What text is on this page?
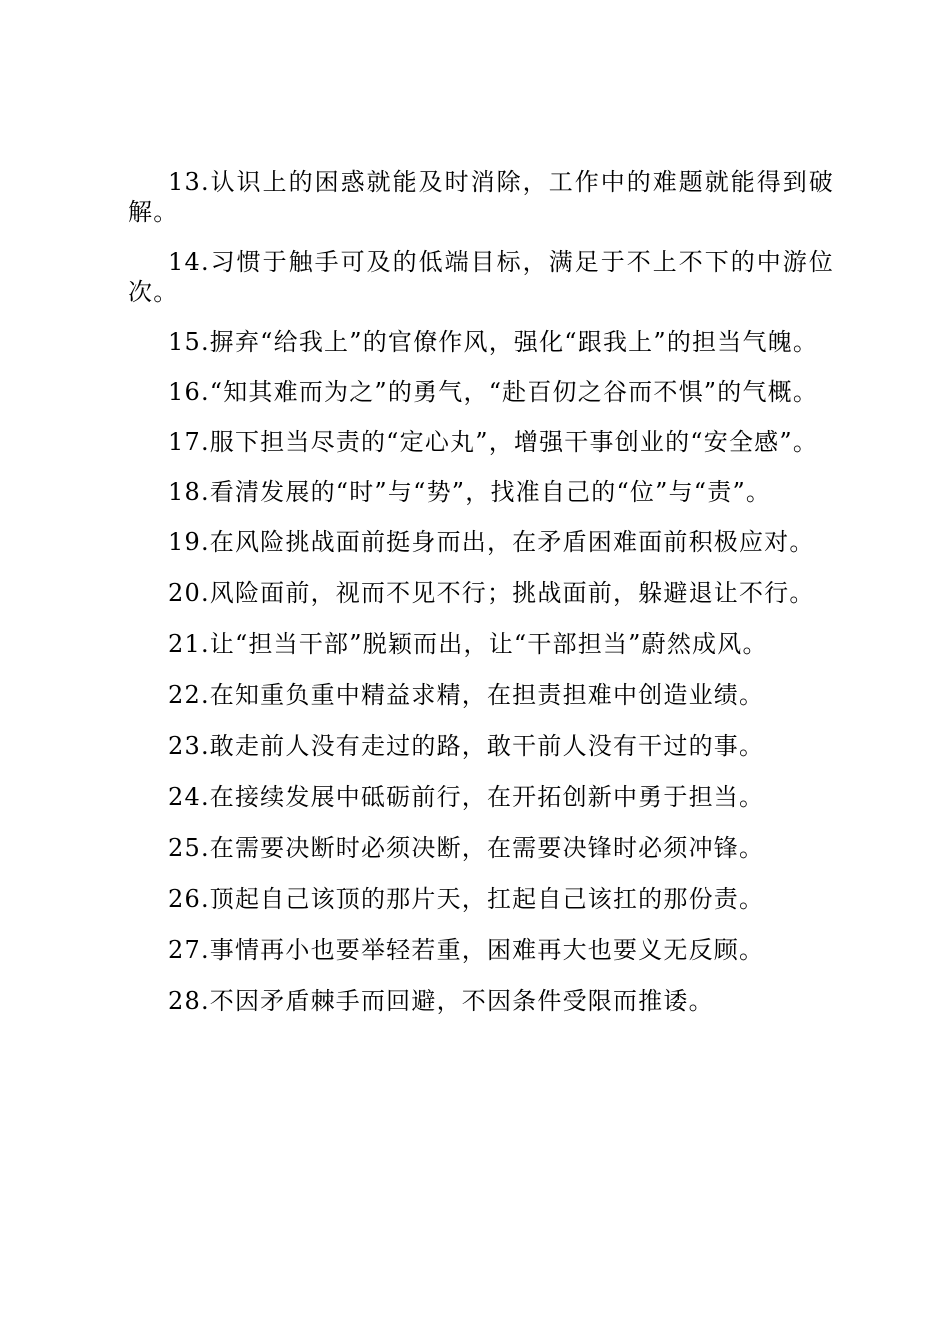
13.认识上的困惑就能及时消除，工作中的难题就能得到破解。

14.习惯于触手可及的低端目标，满足于不上不下的中游位次。

15.摒弃“给我上”的官僚作风，强化“跟我上”的担当气魄。

16.“知其难而为之”的勇气，“赴百仞之谷而不惧”的气概。

17.服下担当尽责的“定心丸”，增强干事创业的“安全感”。

18.看清发展的“时”与“势”，找准自己的“位”与“责”。

19.在风险挑战面前挺身而出，在矛盾困难面前积极应对。

20.风险面前，视而不见不行；挑战面前，躲避退让不行。

21.让“担当干部”脱颖而出，让“干部担当”蔚然成风。

22.在知重负重中精益求精，在担责担难中创造业绩。

23.敢走前人没有走过的路，敢干前人没有干过的事。

24.在接续发展中砥砺前行，在开拓创新中勇于担当。

25.在需要决断时必须决断，在需要决锋时必须冲锋。

26.顶起自己该顶的那片天，扛起自己该扛的那份责。

27.事情再小也要举轻若重，困难再大也要义无反顾。

28.不因矛盾棘手而回避，不因条件受限而推诿。
